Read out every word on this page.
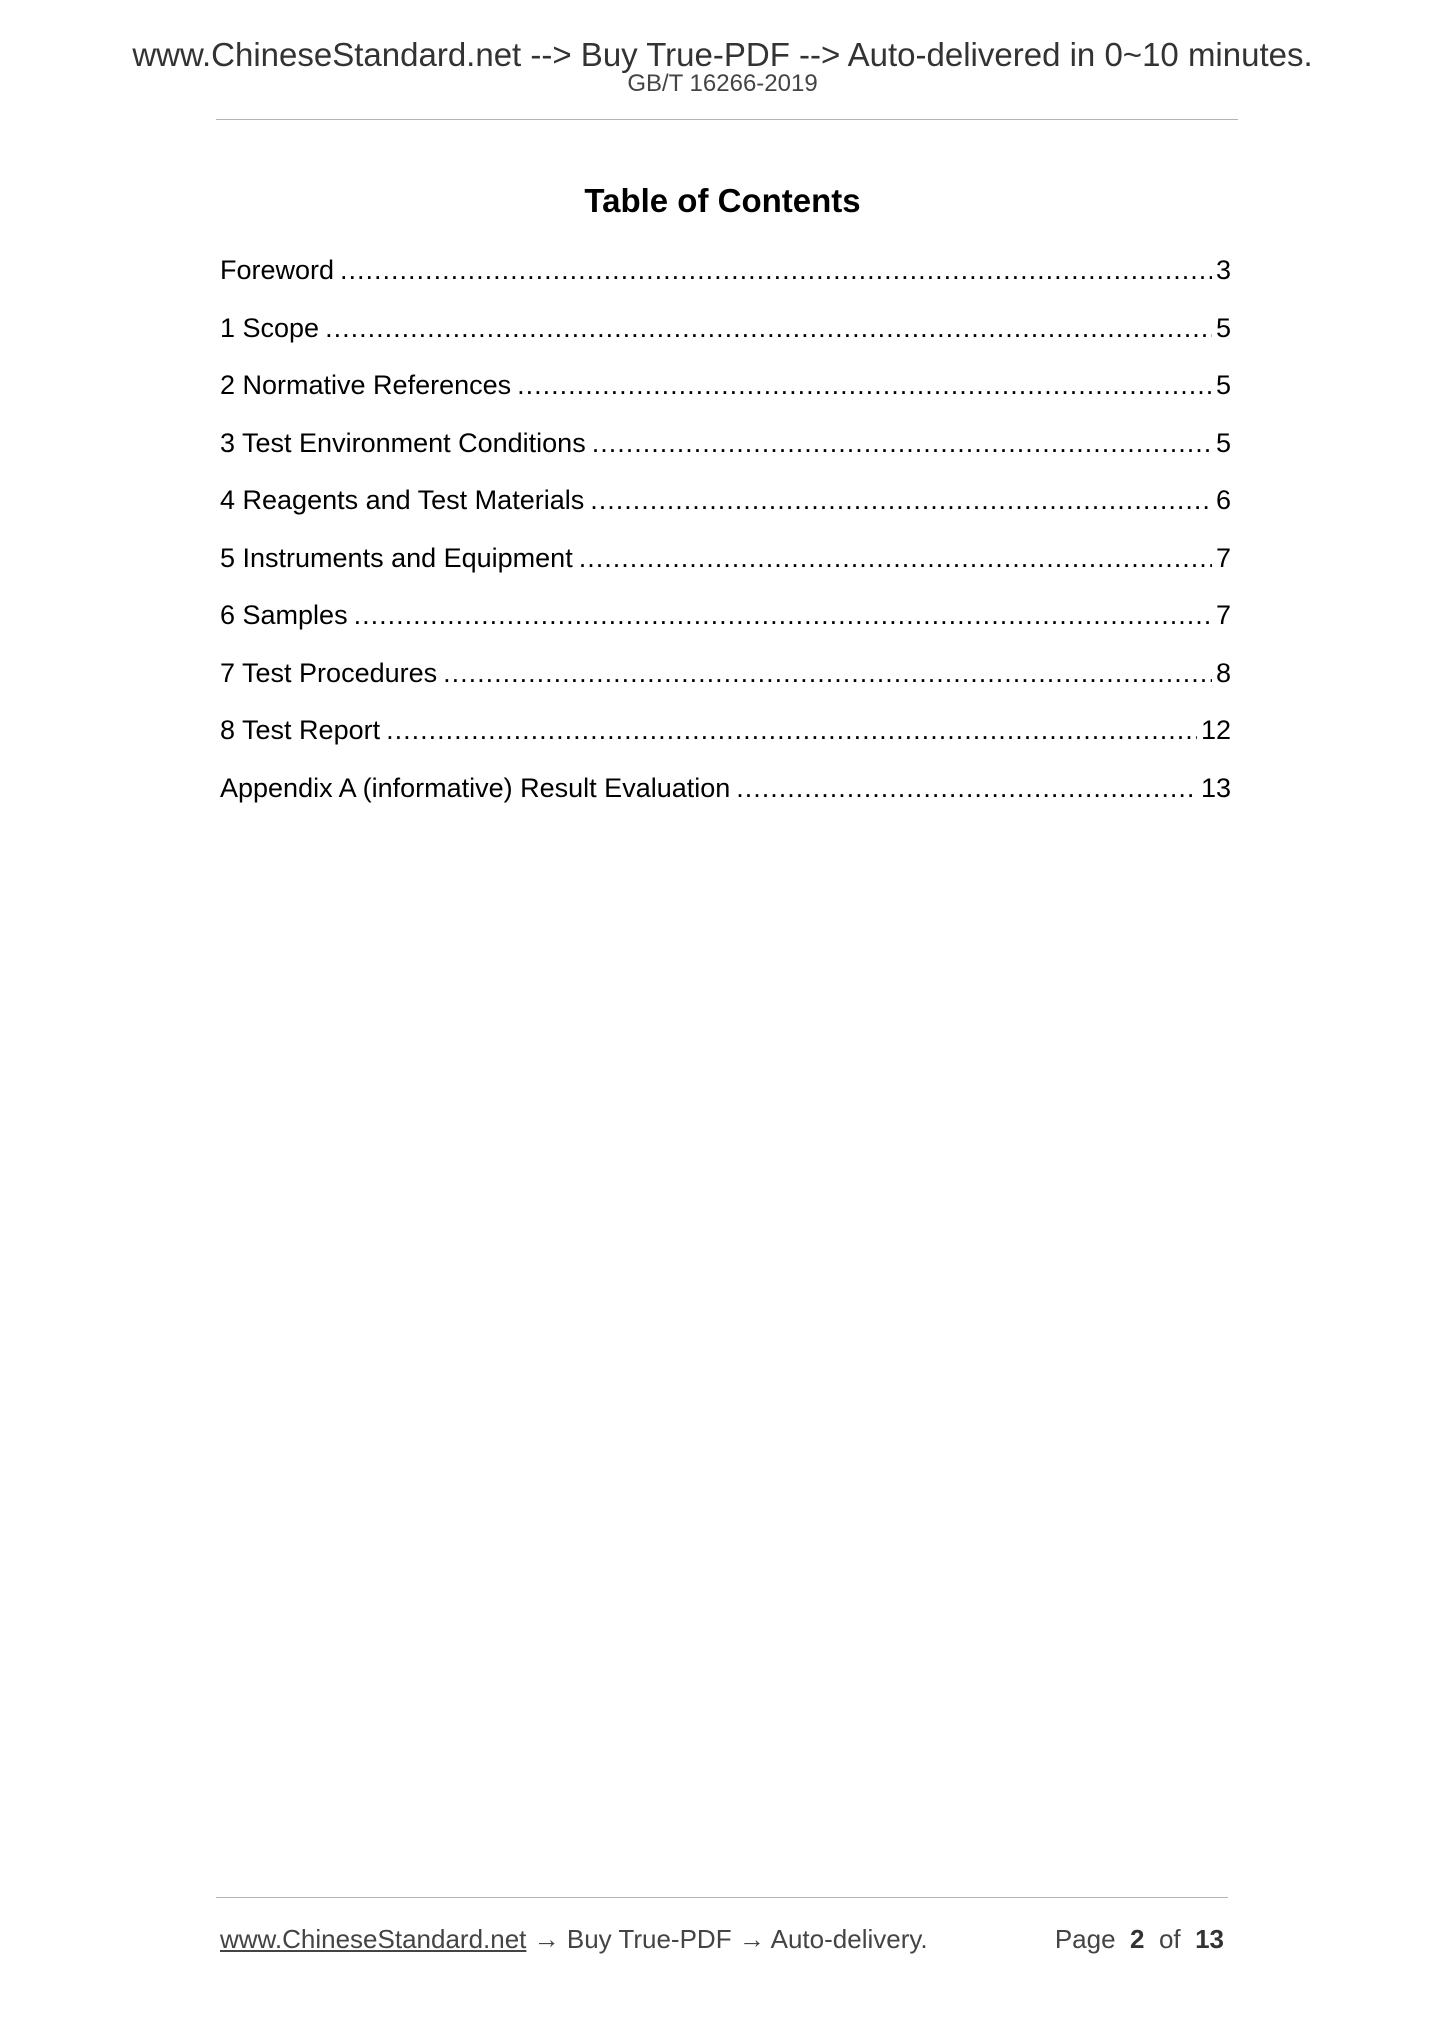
www.ChineseStandard.net --> Buy True-PDF --> Auto-delivered in 0~10 minutes.
GB/T 16266-2019
Table of Contents
Foreword .....	3
1 Scope .....	5
2 Normative References .....	5
3 Test Environment Conditions .....	5
4 Reagents and Test Materials .....	6
5 Instruments and Equipment .....	7
6 Samples .....	7
7 Test Procedures .....	8
8 Test Report .....	12
Appendix A (informative) Result Evaluation .....	13
www.ChineseStandard.net → Buy True-PDF → Auto-delivery.	Page 2 of 13
